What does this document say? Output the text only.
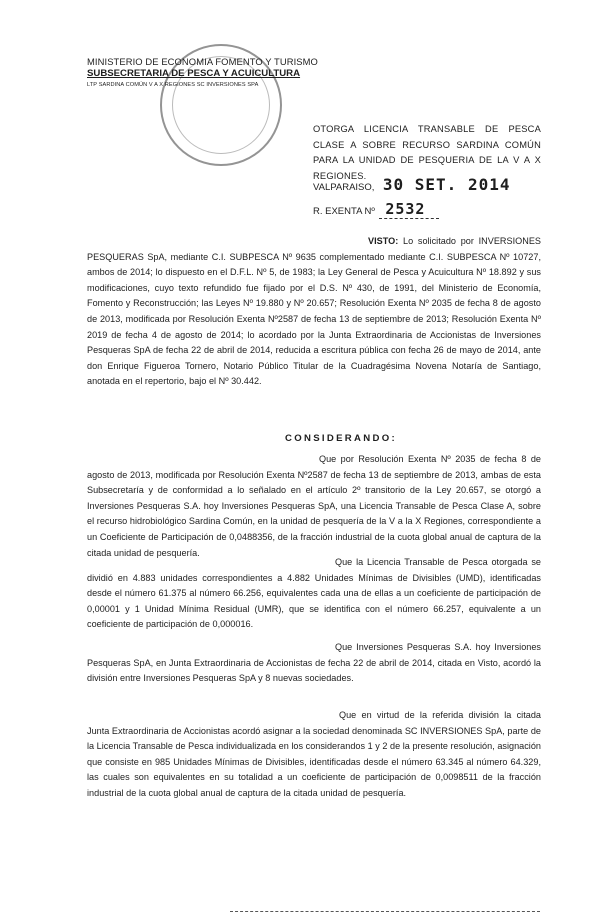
MINISTERIO DE ECONOMIA FOMENTO Y TURISMO
SUBSECRETARIA DE PESCA Y ACUICULTURA
LTP SARDINA COMÚN V A X REGIONES SC INVERSIONES SPA
OTORGA LICENCIA TRANSABLE DE PESCA CLASE A SOBRE RECURSO SARDINA COMÚN PARA LA UNIDAD DE PESQUERIA DE LA V A X REGIONES.
VALPARAISO, 30 SET. 2014
R. EXENTA Nº 2532
VISTO: Lo solicitado por INVERSIONES PESQUERAS SpA, mediante C.I. SUBPESCA Nº 9635 complementado mediante C.I. SUBPESCA Nº 10727, ambos de 2014; lo dispuesto en el D.F.L. Nº 5, de 1983; la Ley General de Pesca y Acuicultura Nº 18.892 y sus modificaciones, cuyo texto refundido fue fijado por el D.S. Nº 430, de 1991, del Ministerio de Economía, Fomento y Reconstrucción; las Leyes Nº 19.880 y Nº 20.657; Resolución Exenta Nº 2035 de fecha 8 de agosto de 2013, modificada por Resolución Exenta Nº2587 de fecha 13 de septiembre de 2013; Resolución Exenta Nº 2019 de fecha 4 de agosto de 2014; lo acordado por la Junta Extraordinaria de Accionistas de Inversiones Pesqueras SpA de fecha 22 de abril de 2014, reducida a escritura pública con fecha 26 de mayo de 2014, ante don Enrique Figueroa Tornero, Notario Público Titular de la Cuadragésima Novena Notaría de Santiago, anotada en el repertorio, bajo el Nº 30.442.
CONSIDERANDO:
Que por Resolución Exenta Nº 2035 de fecha 8 de agosto de 2013, modificada por Resolución Exenta Nº2587 de fecha 13 de septiembre de 2013, ambas de esta Subsecretaría y de conformidad a lo señalado en el artículo 2º transitorio de la Ley 20.657, se otorgó a Inversiones Pesqueras S.A. hoy Inversiones Pesqueras SpA, una Licencia Transable de Pesca Clase A, sobre el recurso hidrobiológico Sardina Común, en la unidad de pesquería de la V a la X Regiones, correspondiente a un Coeficiente de Participación de 0,0488356, de la fracción industrial de la cuota global anual de captura de la citada unidad de pesquería.
Que la Licencia Transable de Pesca otorgada se dividió en 4.883 unidades correspondientes a 4.882 Unidades Mínimas de Divisibles (UMD), identificadas desde el número 61.375 al número 66.256, equivalentes cada una de ellas a un coeficiente de participación de 0,00001 y 1 Unidad Mínima Residual (UMR), que se identifica con el número 66.257, equivalente a un coeficiente de participación de 0,000016.
Que Inversiones Pesqueras S.A. hoy Inversiones Pesqueras SpA, en Junta Extraordinaria de Accionistas de fecha 22 de abril de 2014, citada en Visto, acordó la división entre Inversiones Pesqueras SpA y 8 nuevas sociedades.
Que en virtud de la referida división la citada Junta Extraordinaria de Accionistas acordó asignar a la sociedad denominada SC INVERSIONES SpA, parte de la Licencia Transable de Pesca individualizada en los considerandos 1 y 2 de la presente resolución, asignación que consiste en 985 Unidades Mínimas de Divisibles, identificadas desde el número 63.345 al número 64.329, las cuales son equivalentes en su totalidad a un coeficiente de participación de 0,0098511 de la fracción industrial de la cuota global anual de captura de la citada unidad de pesquería.
